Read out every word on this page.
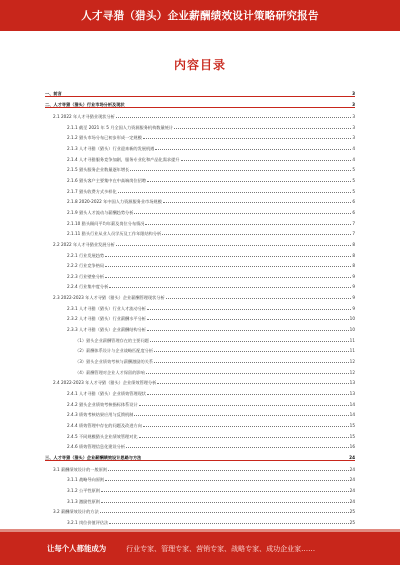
人才寻猎（猎头）企业薪酬绩效设计策略研究报告
内容目录
一、前言	3
二、人才寻猎（猎头）行业市场分析及现状	3
2.1 2022 年人才寻猎业现状分析	3
2.1.1 截至 2021 年 5 月全国人力资源服务机构数量统计	3
2.1.2 猎头市场分布已初步形成一定规模	3
2.1.3 人才寻猎（猎头）行业迎来新的发展机遇	4
2.1.4 人才寻猎服务竞争加剧，服务专业化和产品化需求提升	4
2.1.5 猎头服务企业数量逐年增长	5
2.1.6 猎头客户主要集中在中高端岗位招聘	5
2.1.7 猎头收费方式多样化	5
2.1.8 2020-2022 年中国人力资源服务业市场规模	6
2.1.9 猎头人才流动与薪酬趋势分析	6
2.1.10 猎头顾问平均年薪及岗位分布情况	7
2.1.11 猎头行业从业人员学历及工作年限结构分析	7
2.2 2022 年人才寻猎业发展分析	8
2.2.1 行业发展趋势	8
2.2.2 行业竞争格局	8
2.2.3 行业壁垒分析	9
2.2.4 行业集中度分析	9
2.3 2022-2023 年人才寻猎（猎头）企业薪酬管理现状分析	9
2.3.1 人才寻猎（猎头）行业人才流动分析	9
2.3.2 人才寻猎（猎头）行业薪酬水平分析	10
2.3.3 人才寻猎（猎头）企业薪酬结构分析	10
（1）猎头企业薪酬管理存在的主要问题	11
（2）薪酬体系设计与企业战略匹配度分析	11
（3）猎头企业绩效考核与薪酬激励的关系	12
（4）薪酬管理对企业人才保留的影响	12
2.4 2022-2023 年人才寻猎（猎头）企业绩效管理分析	13
2.4.1 人才寻猎（猎头）企业绩效管理现状	13
2.4.2 猎头企业绩效考核指标体系设计	14
2.4.3 绩效考核结果应用与反馈机制	14
2.4.4 绩效管理中存在的问题及改进方向	15
2.4.5 不同规模猎头企业绩效管理对比	15
2.4.6 绩效管理信息化建设分析	16
三、人才寻猎（猎头）企业薪酬绩效设计思路与方法	24
3.1 薪酬绩效设计的一般原则	24
3.1.1 战略导向原则	24
3.1.2 公平性原则	24
3.1.3 激励性原则	24
3.2 薪酬绩效设计的方法	25
3.2.1 岗位价值评估法	25
让每个人都能成为	行业专家、管理专家、营销专家、战略专家、成功企业家……
